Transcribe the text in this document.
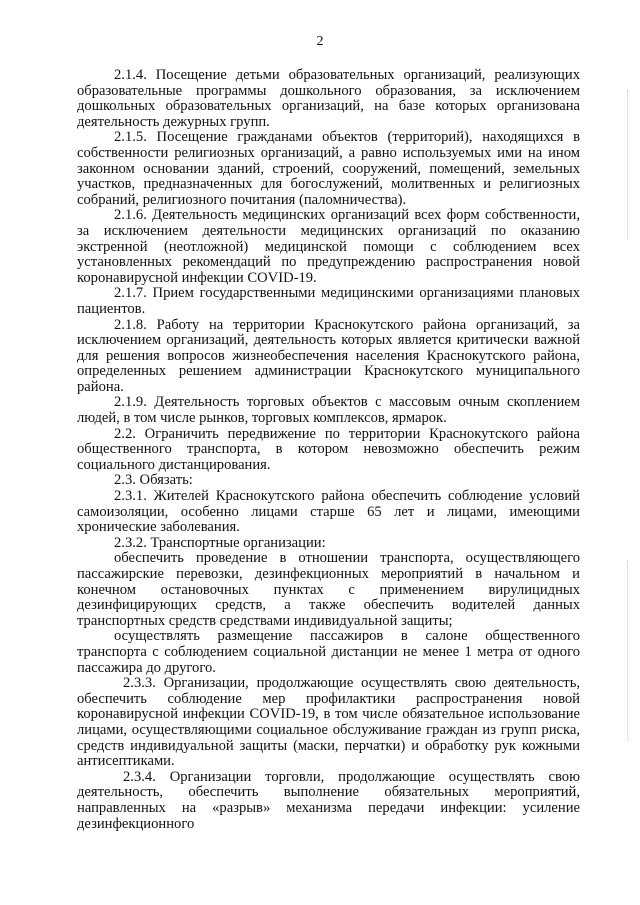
2

2.1.4. Посещение детьми образовательных организаций, реализующих образовательные программы дошкольного образования, за исключением дошкольных образовательных организаций, на базе которых организована деятельность дежурных групп.

2.1.5. Посещение гражданами объектов (территорий), находящихся в собственности религиозных организаций, а равно используемых ими на ином законном основании зданий, строений, сооружений, помещений, земельных участков, предназначенных для богослужений, молитвенных и религиозных собраний, религиозного почитания (паломничества).

2.1.6. Деятельность медицинских организаций всех форм собственности, за исключением деятельности медицинских организаций по оказанию экстренной (неотложной) медицинской помощи с соблюдением всех установленных рекомендаций по предупреждению распространения новой коронавирусной инфекции COVID-19.

2.1.7. Прием государственными медицинскими организациями плановых пациентов.

2.1.8. Работу на территории Краснокутского района организаций, за исключением организаций, деятельность которых является критически важной для решения вопросов жизнеобеспечения населения Краснокутского района, определенных решением администрации Краснокутского муниципального района.

2.1.9. Деятельность торговых объектов с массовым очным скоплением людей, в том числе рынков, торговых комплексов, ярмарок.

2.2. Ограничить передвижение по территории Краснокутского района общественного транспорта, в котором невозможно обеспечить режим социального дистанцирования.

2.3. Обязать:

2.3.1. Жителей Краснокутского района обеспечить соблюдение условий самоизоляции, особенно лицами старше 65 лет и лицами, имеющими хронические заболевания.

2.3.2. Транспортные организации:

обеспечить проведение в отношении транспорта, осуществляющего пассажирские перевозки, дезинфекционных мероприятий в начальном и конечном остановочных пунктах с применением вирулицидных дезинфицирующих средств, а также обеспечить водителей данных транспортных средств средствами индивидуальной защиты;

осуществлять размещение пассажиров в салоне общественного транспорта с соблюдением социальной дистанции не менее 1 метра от одного пассажира до другого.

2.3.3. Организации, продолжающие осуществлять свою деятельность, обеспечить соблюдение мер профилактики распространения новой коронавирусной инфекции COVID-19, в том числе обязательное использование лицами, осуществляющими социальное обслуживание граждан из групп риска, средств индивидуальной защиты (маски, перчатки) и обработку рук кожными антисептиками.

2.3.4. Организации торговли, продолжающие осуществлять свою деятельность, обеспечить выполнение обязательных мероприятий, направленных на «разрыв» механизма передачи инфекции: усиление дезинфекционного
